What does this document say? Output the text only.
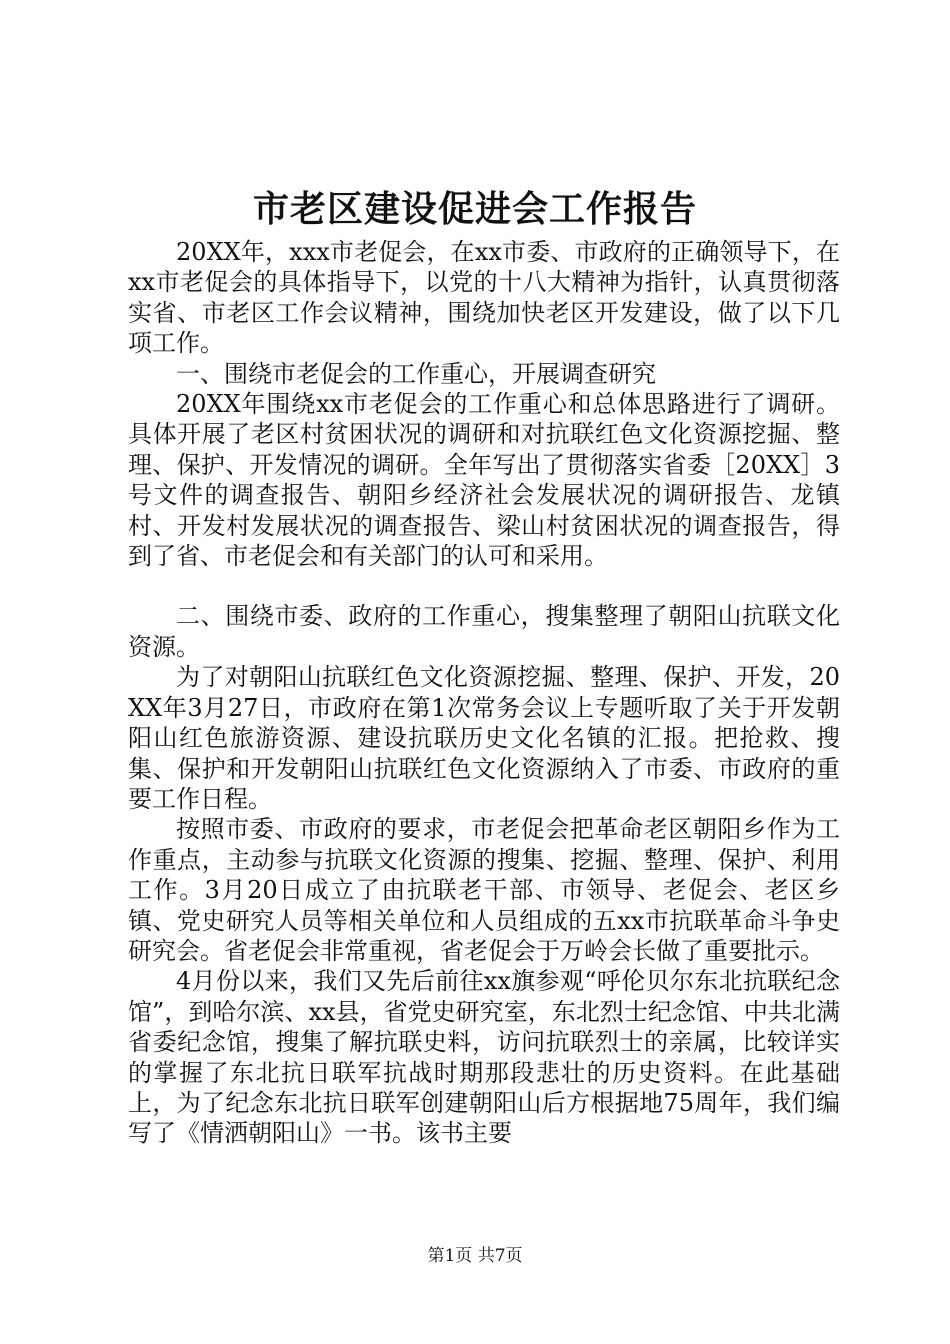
市老区建设促进会工作报告

20XX年，xxx市老促会，在xx市委、市政府的正确领导下，在xx市老促会的具体指导下，以党的十八大精神为指针，认真贯彻落实省、市老区工作会议精神，围绕加快老区开发建设，做了以下几项工作。

一、围绕市老促会的工作重心，开展调查研究

20XX年围绕xx市老促会的工作重心和总体思路进行了调研。具体开展了老区村贫困状况的调研和对抗联红色文化资源挖掘、整理、保护、开发情况的调研。全年写出了贯彻落实省委［20XX］3号文件的调查报告、朝阳乡经济社会发展状况的调研报告、龙镇村、开发村发展状况的调查报告、梁山村贫困状况的调查报告，得到了省、市老促会和有关部门的认可和采用。

二、围绕市委、政府的工作重心，搜集整理了朝阳山抗联文化资源。

为了对朝阳山抗联红色文化资源挖掘、整理、保护、开发，20XX年3月27日，市政府在第1次常务会议上专题听取了关于开发朝阳山红色旅游资源、建设抗联历史文化名镇的汇报。把抢救、搜集、保护和开发朝阳山抗联红色文化资源纳入了市委、市政府的重要工作日程。

按照市委、市政府的要求，市老促会把革命老区朝阳乡作为工作重点，主动参与抗联文化资源的搜集、挖掘、整理、保护、利用工作。3月20日成立了由抗联老干部、市领导、老促会、老区乡镇、党史研究人员等相关单位和人员组成的五xx市抗联革命斗争史研究会。省老促会非常重视，省老促会于万岭会长做了重要批示。

4月份以来，我们又先后前往xx旗参观“呼伦贝尔东北抗联纪念馆”，到哈尔滨、xx县，省党史研究室，东北烈士纪念馆、中共北满省委纪念馆，搜集了解抗联史料，访问抗联烈士的亲属，比较详实的掌握了东北抗日联军抗战时期那段悲壮的历史资料。在此基础上，为了纪念东北抗日联军创建朝阳山后方根据地75周年，我们编写了《情洒朝阳山》一书。该书主要

第1页 共7页
